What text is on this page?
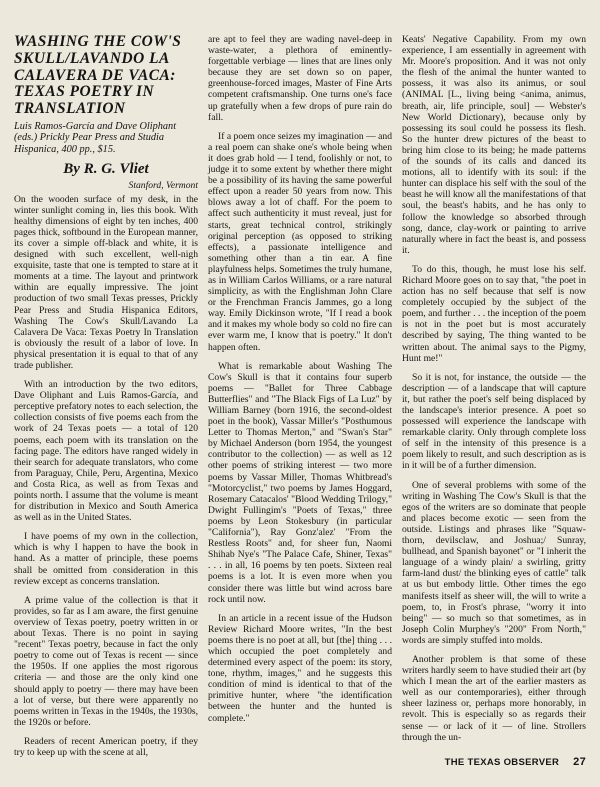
WASHING THE COW'S SKULL/LAVANDO LA CALAVERA DE VACA: TEXAS POETRY IN TRANSLATION
Luis Ramos-García and Dave Oliphant (eds.) Prickly Pear Press and Studia Hispanica, 400 pp., $15.
By R. G. Vliet
Stanford, Vermont

On the wooden surface of my desk, in the winter sunlight coming in, lies this book. With healthy dimensions of eight by ten inches, 400 pages thick, softbound in the European manner, its cover a simple off-black and white, it is designed with such excellent, well-nigh exquisite, taste that one is tempted to stare at it moments at a time. The layout and printwork within are equally impressive. The joint production of two small Texas presses, Prickly Pear Press and Studia Hispanica Editors, Washing The Cow's Skull/Lavando La Calavera De Vaca: Texas Poetry In Translation is obviously the result of a labor of love. In physical presentation it is equal to that of any trade publisher.

With an introduction by the two editors, Dave Oliphant and Luis Ramos-García, and perceptive prefatory notes to each selection, the collection consists of five poems each from the work of 24 Texas poets — a total of 120 poems, each poem with its translation on the facing page. The editors have ranged widely in their search for adequate translators, who come from Paraguay, Chile, Peru, Argentina, Mexico and Costa Rica, as well as from Texas and points north. I assume that the volume is meant for distribution in Mexico and South America as well as in the United States.

I have poems of my own in the collection, which is why I happen to have the book in hand. As a matter of principle, these poems shall be omitted from consideration in this review except as concerns translation.

A prime value of the collection is that it provides, so far as I am aware, the first genuine overview of Texas poetry, poetry written in or about Texas. There is no point in saying "recent" Texas poetry, because in fact the only poetry to come out of Texas is recent — since the 1950s. If one applies the most rigorous criteria — and those are the only kind one should apply to poetry — there may have been a lot of verse, but there were apparently no poems written in Texas in the 1940s, the 1930s, the 1920s or before.

Readers of recent American poetry, if they try to keep up with the scene at all,

are apt to feel they are wading navel-deep in waste-water, a plethora of eminently-forgettable verbiage — lines that are lines only because they are set down so on paper, greenhouse-forced images, Master of Fine Arts competent craftsmanship. One turns one's face up gratefully when a few drops of pure rain do fall.

If a poem once seizes my imagination — and a real poem can shake one's whole being when it does grab hold — I tend, foolishly or not, to judge it to some extent by whether there might be a possibility of its having the same powerful effect upon a reader 50 years from now. This blows away a lot of chaff. For the poem to affect such authenticity it must reveal, just for starts, great technical control, strikingly original perception (as opposed to striking effects), a passionate intelligence and something other than a tin ear. A fine playfulness helps. Sometimes the truly humane, as in William Carlos Williams, or a rare natural simplicity, as with the Englishman John Clare or the Frenchman Francis Jammes, go a long way. Emily Dickinson wrote, "If I read a book and it makes my whole body so cold no fire can ever warm me, I know that is poetry." It don't happen often.

What is remarkable about Washing The Cow's Skull is that it contains four superb poems — "Ballet for Three Cabbage Butterflies" and "The Black Figs of La Luz" by William Barney (born 1916, the second-oldest poet in the book), Vassar Miller's "Posthumous Letter to Thomas Merton," and "Swan's Star" by Michael Anderson (born 1954, the youngest contributor to the collection) — as well as 12 other poems of striking interest — two more poems by Vassar Miller, Thomas Whitbread's "Motorcyclist," two poems by James Hoggard, Rosemary Catacalos' "Blood Wedding Trilogy," Dwight Fullingim's "Poets of Texas," three poems by Leon Stokesbury (in particular "California"), Ray Gonz'alez' "From the Restless Roots" and, for sheer fun, Naomi Shihab Nye's "The Palace Cafe, Shiner, Texas" . . . in all, 16 poems by ten poets. Sixteen real poems is a lot. It is even more when you consider there was little but wind across bare rock until now.

In an article in a recent issue of the Hudson Review Richard Moore writes, "In the best poems there is no poet at all, but [the] thing . . . which occupied the poet completely and determined every aspect of the poem: its story, tone, rhythm, images," and he suggests this condition of mind is identical to that of the primitive hunter, where "the identification between the hunter and the hunted is complete."

Keats' Negative Capability. From my own experience, I am essentially in agreement with Mr. Moore's proposition. And it was not only the flesh of the animal the hunter wanted to possess, it was also its animus, or soul (ANIMAL [L., living being <anima, animus, breath, air, life principle, soul] — Webster's New World Dictionary), because only by possessing its soul could he possess its flesh. So the hunter drew pictures of the beast to bring him close to its being; he made patterns of the sounds of its calls and danced its motions, all to identify with its soul: if the hunter can displace his self with the soul of the beast he will know all the manifestations of that soul, the beast's habits, and he has only to follow the knowledge so absorbed through song, dance, clay-work or painting to arrive naturally where in fact the beast is, and possess it.

To do this, though, he must lose his self. Richard Moore goes on to say that, "the poet in action has no self because that self is now completely occupied by the subject of the poem, and further . . . the inception of the poem is not in the poet but is most accurately described by saying, The thing wanted to be written about. The animal says to the Pigmy, Hunt me!"

So it is not, for instance, the outside — the description — of a landscape that will capture it, but rather the poet's self being displaced by the landscape's interior presence. A poet so possessed will experience the landscape with remarkable clarity. Only through complete loss of self in the intensity of this presence is a poem likely to result, and such description as is in it will be of a further dimension.

One of several problems with some of the writing in Washing The Cow's Skull is that the egos of the writers are so dominate that people and places become exotic — seen from the outside. Listings and phrases like "Squaw-thorn, devilsclaw, and Joshua;/ Sunray, bullhead, and Spanish bayonet" or "I inherit the language of a windy plain/ a swirling, gritty farm-land dust/ the blinking eyes of cattle" talk at us but embody little. Other times the ego manifests itself as sheer will, the will to write a poem, to, in Frost's phrase, "worry it into being" — so much so that sometimes, as in Joseph Colin Murphey's "200" From North," words are simply stuffed into molds.

Another problem is that some of these writers hardly seem to have studied their art (by which I mean the art of the earlier masters as well as our contemporaries), either through sheer laziness or, perhaps more honorably, in revolt. This is especially so as regards their sense — or lack of it — of line. Strollers through the un-

THE TEXAS OBSERVER 27
